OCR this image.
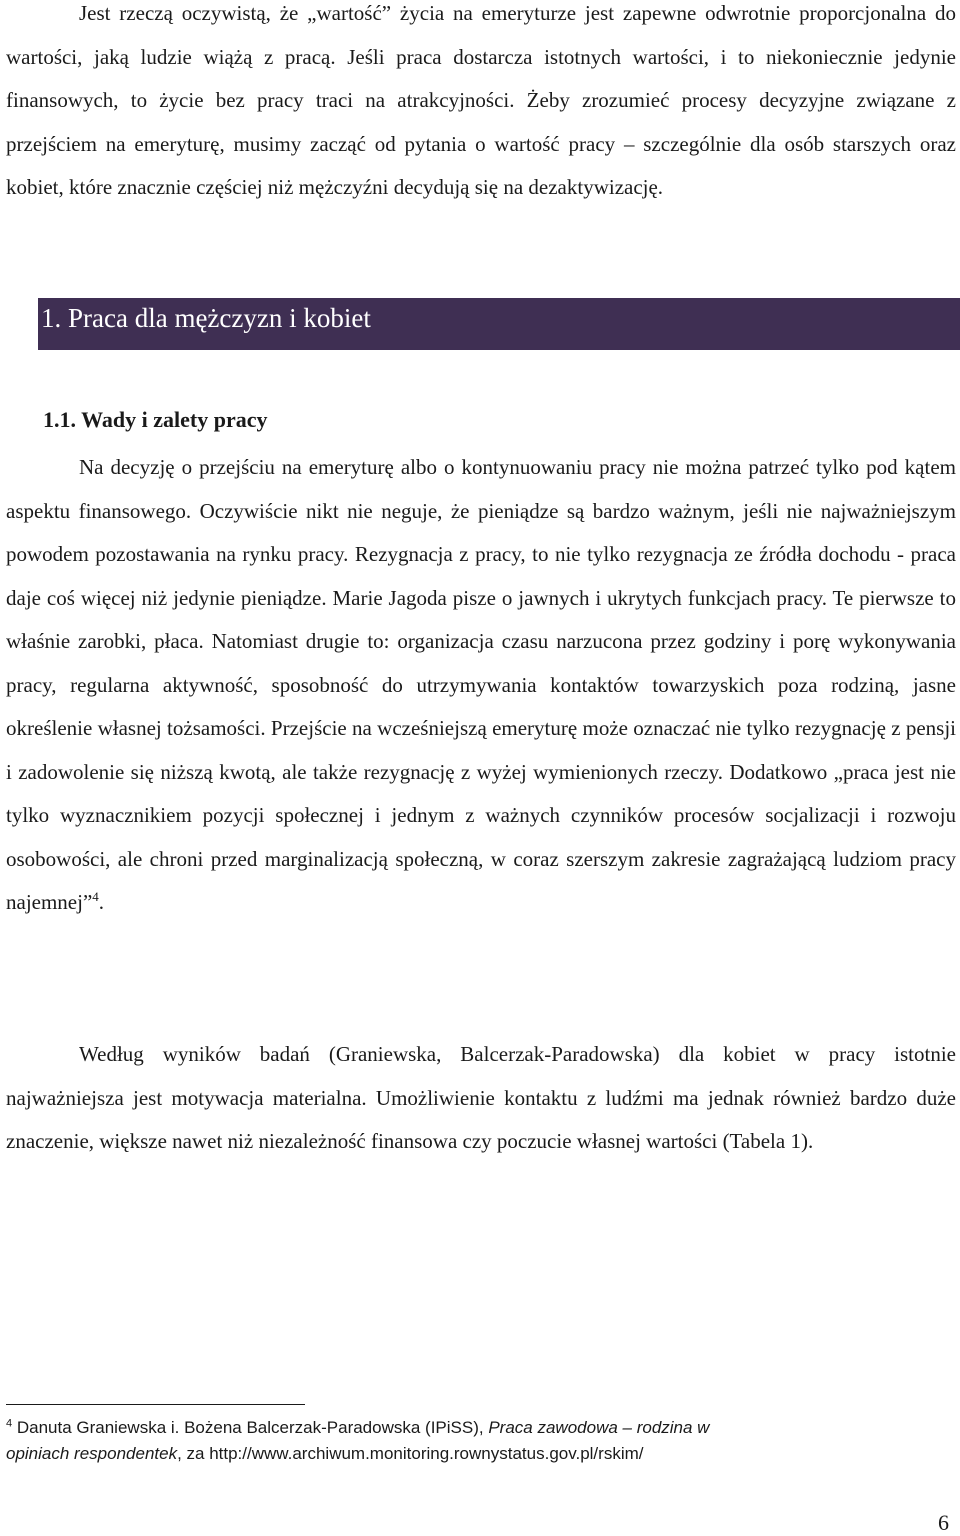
Jest rzeczą oczywistą, że „wartość” życia na emeryturze jest zapewne odwrotnie proporcjonalna do wartości, jaką ludzie wiążą z pracą. Jeśli praca dostarcza istotnych wartości, i to niekoniecznie jedynie finansowych, to życie bez pracy traci na atrakcyjności. Żeby zrozumieć procesy decyzyjne związane z przejściem na emeryturę, musimy zacząć od pytania o wartość pracy – szczególnie dla osób starszych oraz kobiet, które znacznie częściej niż mężczyźni decydują się na dezaktywizację.

1. Praca dla mężczyzn i kobiet
1.1. Wady i zalety pracy

Na decyzję o przejściu na emeryturę albo o kontynuowaniu pracy nie można patrzeć tylko pod kątem aspektu finansowego. Oczywiście nikt nie neguje, że pieniądze są bardzo ważnym, jeśli nie najważniejszym powodem pozostawania na rynku pracy. Rezygnacja z pracy, to nie tylko rezygnacja ze źródła dochodu - praca daje coś więcej niż jedynie pieniądze. Marie Jagoda pisze o jawnych i ukrytych funkcjach pracy. Te pierwsze to właśnie zarobki, płaca. Natomiast drugie to: organizacja czasu narzucona przez godziny i porę wykonywania pracy, regularna aktywność, sposobność do utrzymywania kontaktów towarzyskich poza rodziną, jasne określenie własnej tożsamości. Przejście na wcześniejszą emeryturę może oznaczać nie tylko rezygnację z pensji i zadowolenie się niższą kwotą, ale także rezygnację z wyżej wymienionych rzeczy. Dodatkowo „praca jest nie tylko wyznacznikiem pozycji społecznej i jednym z ważnych czynników procesów socjalizacji i rozwoju osobowości, ale chroni przed marginalizacją społeczną, w coraz szerszym zakresie zagrażającą ludziom pracy najemnej”$^4$.

Według wyników badań (Graniewska, Balcerzak-Paradowska) dla kobiet w pracy istotnie najważniejsza jest motywacja materialna. Umożliwienie kontaktu z ludźmi ma jednak również bardzo duże znaczenie, większe nawet niż niezależność finansowa czy poczucie własnej wartości (Tabela 1).

$^4$ Danuta Graniewska i. Bożena Balcerzak-Paradowska (IPiSS), Praca zawodowa – rodzina w opiniach respondentek, za http://www.archiwum.monitoring.rownystatus.gov.pl/rskim/

6
